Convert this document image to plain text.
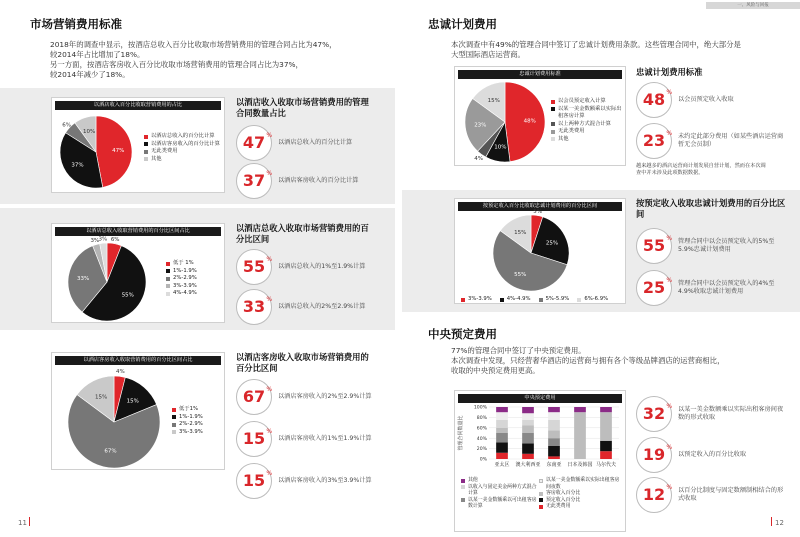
市场营销费用标准
2018年的调查中显示，按酒店总收入百分比收取市场营销费用的管理合同占比为47%，
较2014年占比增加了18%。
另一方面，按酒店客房收入百分比收取市场营销费用的管理合同占比为37%，
较2014年减少了18%。
以酒店收入百分比收取营销费用的占比
47%
37%
6%
10%
以酒店总收入的百分比计算
以酒店客房收入的百分比计算
无此类费用
其他
以酒店收入收取市场营销费用的管理合同数量占比
47 %
以酒店总收入的百分比计算
37 %
以酒店客房收入的百分比计算
以酒店总收入收取营销费用的百分比区间占比
6%
55%
33%
3% 3%
低于 1%
1%-1.9%
2%-2.9%
3%-3.9%
4%-4.9%
以酒店总收入收取市场营销费用的百分比区间
55 %
以酒店总收入的1%至1.9%计算
33 %
以酒店总收入的2%至2.9%计算
以酒店客房收入收取营销费用的百分比区间占比
4%
15%
67%
15%
低于1%
1%-1.9%
2%-2.9%
3%-3.9%
以酒店客房收入收取市场营销费用的百分比区间
67 %
以酒店客房收入的2%至2.9%计算
15 %
以酒店客房收入的1%至1.9%计算
15 %
以酒店客房收入的3%至3.9%计算
11
一、风险与回报
忠诚计划费用
本次调查中有49%的管理合同中签订了忠诚计划费用条款。这些管理合同中，绝大部分是
大型国际酒店运营商。
忠诚计划费用标准
48%
10%
4%
23%
15%	以会员预定收入计算
以某一美金数额乘以实际出租客房计算
以上两种方式混合计算
无此类费用
其他
忠诚计划费用标准
48 %
以会员预定收入收取
23 % 未约定此部分费用（如某些酒店运营商暂无会员制）
越来越多的酒店运营商计划发展自营计划，然而在本次调
查中并未涉及此项数据数据。
按预定收入百分比收取忠诚计划费用的百分比区间
5%
25%
55%
15%
3%-3.9%	4%-4.9%	5%-5.9%	6%-6.9%
按预定收入收取忠诚计划费用的百分比区间
55 % 管理合同中以会员预定收入的5%至5.9%忠诚计划费用
25 % 管理合同中以会员预定收入的4%至4.9%收取忠诚计划费用
中央预定费用
77%的管理合同中签订了中央预定费用。
本次调查中发现，只经营奢华酒店的运营商与拥有各个等级品牌酒店的运营商相比，
收取的中央预定费用更高。
中央预定费用
管理合同数量比
0%
20%
40%
60%
80%
100%
亚太区 澳大利西亚 东南亚 日本及韩国 马尔代夫
其他
以收入与固定美金两种方式混合计算
以某一美金数额乘以可出租客房数计算
以某一美金数额乘以实际出租客房间夜数
客房收入百分比
预定收入百分比
无此类费用
32 % 以某一美金数额乘以实际出租客房间夜数的形式收取
19 %
以预定收入的百分比收取
12 % 以百分比制度与固定数额制相结合的形式收取
12
